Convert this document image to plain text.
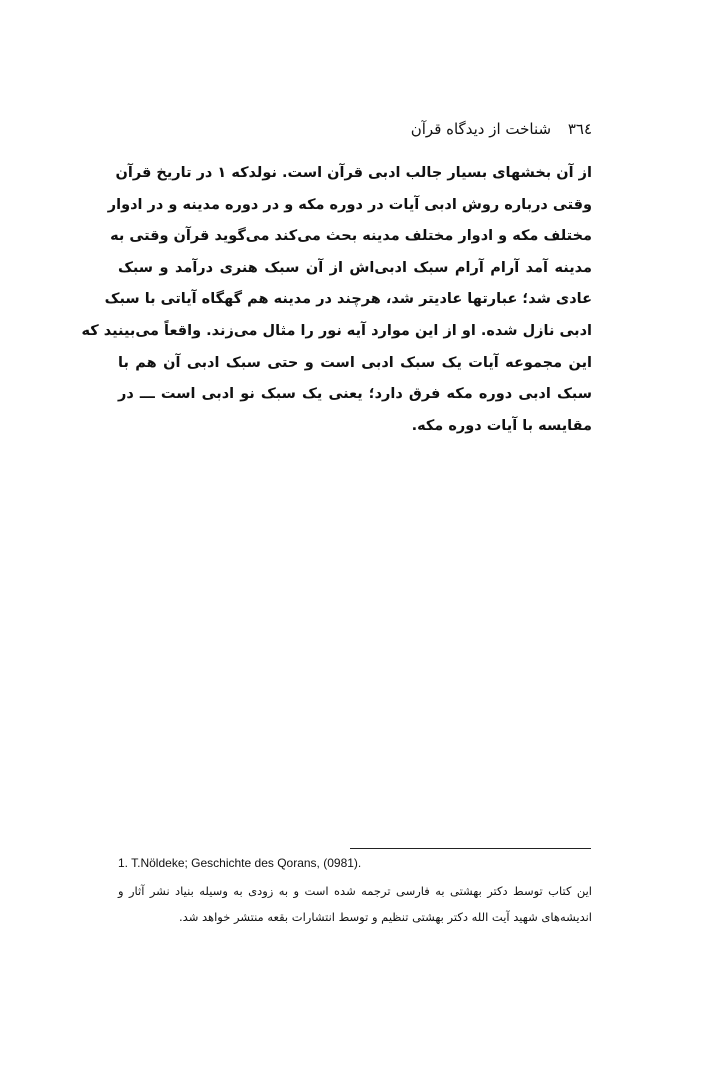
٣٦٤ شناخت از دیدگاه قرآن
از آن بخشهای بسیار جالب ادبی قرآن است. نولدکه ۱ در تاریخ قرآن
وقتی درباره روش ادبی آیات در دوره مکه و در دوره مدینه و در ادوار
مختلف مکه و ادوار مختلف مدینه بحث می‌کند می‌گوید قرآن وقتی به
مدینه آمد آرام آرام سبک ادبی‌اش از آن سبک هنری درآمد و سبک
عادی شد؛ عبارتها عادیتر شد، هرچند در مدینه هم گهگاه آیاتی با سبک
ادبی نازل شده. او از این موارد آیه نور را مثال می‌زند. واقعاً می‌بینید که
این مجموعه آیات یک سبک ادبی است و حتی سبک ادبی آن هم با
سبک ادبی دوره مکه فرق دارد؛ یعنی یک سبک نو ادبی است ـــ در
مقایسه با آیات دوره مکه.
1. T.Nöldeke; Geschichte des Qorans, (0981).
این کتاب توسط دکتر بهشتی به فارسی ترجمه شده است و به زودی به وسیله بنیاد نشر آثار و
اندیشه‌های شهید آیت الله دکتر بهشتی تنظیم و توسط انتشارات بقعه منتشر خواهد شد.
